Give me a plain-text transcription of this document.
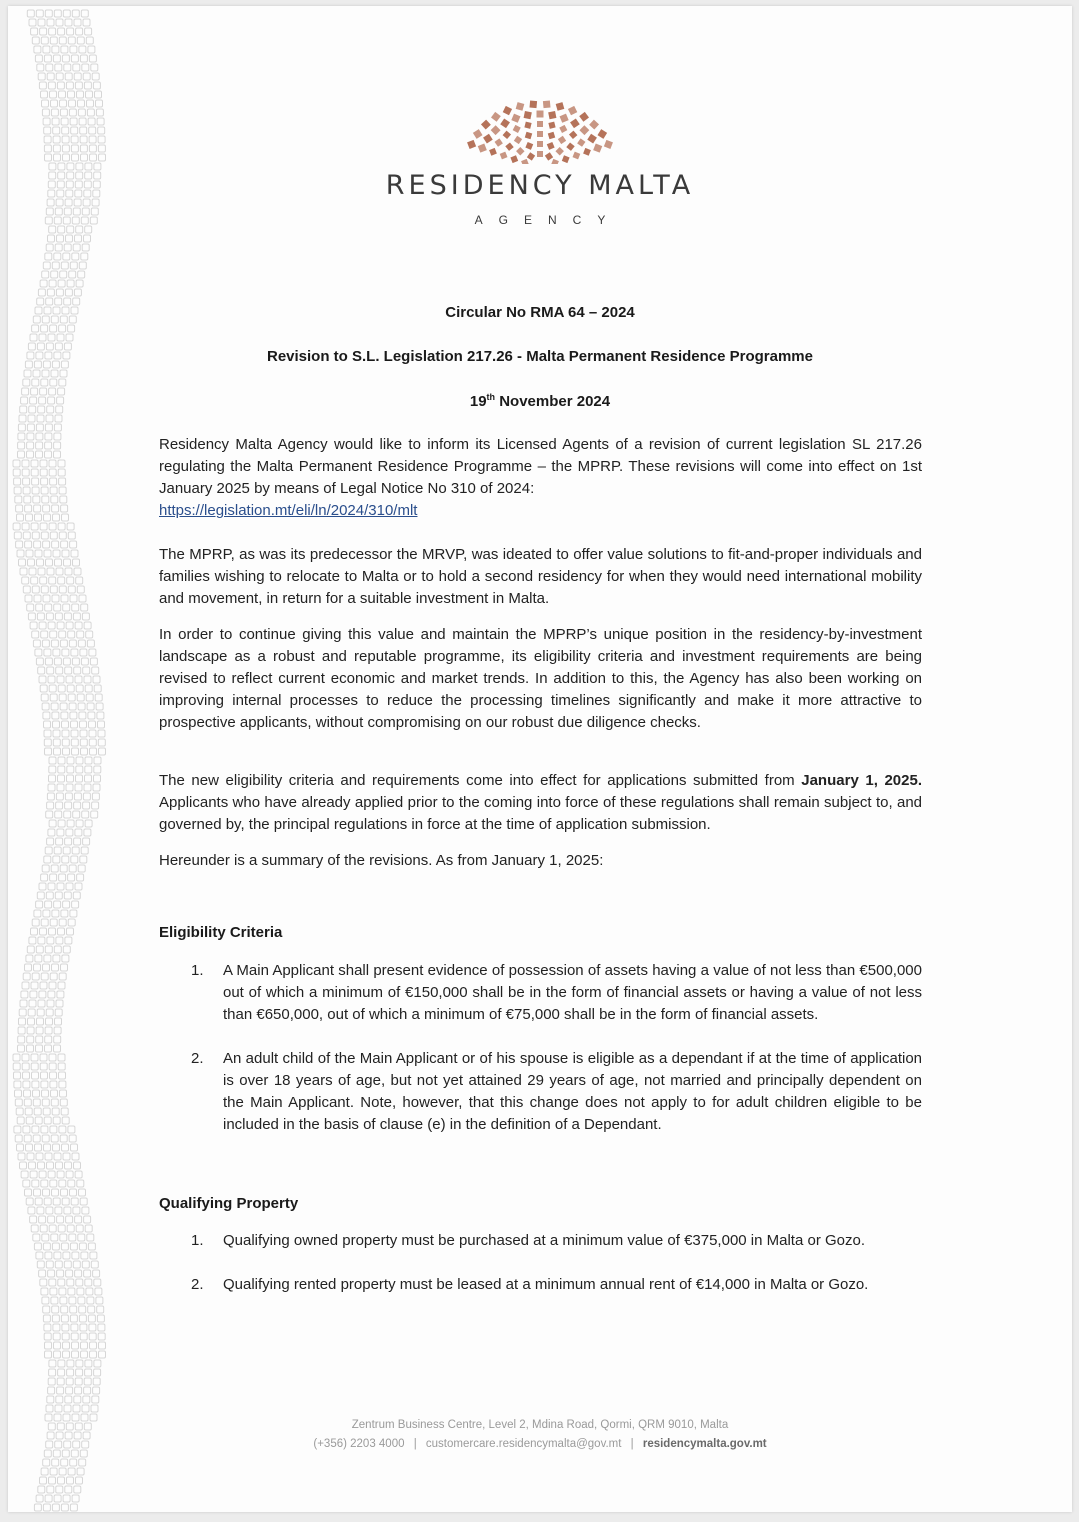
RESIDENCY MALTA
AGENCY
Circular No RMA 64 – 2024
Revision to S.L. Legislation 217.26 - Malta Permanent Residence Programme
19th November 2024

Residency Malta Agency would like to inform its Licensed Agents of a revision of current legislation SL 217.26 regulating the Malta Permanent Residence Programme – the MPRP. These revisions will come into effect on 1st January 2025 by means of Legal Notice No 310 of 2024:

https://legislation.mt/eli/ln/2024/310/mlt

The MPRP, as was its predecessor the MRVP, was ideated to offer value solutions to fit-and-proper individuals and families wishing to relocate to Malta or to hold a second residency for when they would need international mobility and movement, in return for a suitable investment in Malta.

In order to continue giving this value and maintain the MPRP’s unique position in the residency-by-investment landscape as a robust and reputable programme, its eligibility criteria and investment requirements are being revised to reflect current economic and market trends. In addition to this, the Agency has also been working on improving internal processes to reduce the processing timelines significantly and make it more attractive to prospective applicants, without compromising on our robust due diligence checks.

The new eligibility criteria and requirements come into effect for applications submitted from January 1, 2025. Applicants who have already applied prior to the coming into force of these regulations shall remain subject to, and governed by, the principal regulations in force at the time of application submission.

Hereunder is a summary of the revisions. As from January 1, 2025:

Eligibility Criteria
1.	A Main Applicant shall present evidence of possession of assets having a value of not less than €500,000 out of which a minimum of €150,000 shall be in the form of financial assets or having a value of not less than €650,000, out of which a minimum of €75,000 shall be in the form of financial assets.
2.	An adult child of the Main Applicant or of his spouse is eligible as a dependant if at the time of application is over 18 years of age, but not yet attained 29 years of age, not married and principally dependent on the Main Applicant. Note, however, that this change does not apply to for adult children eligible to be included in the basis of clause (e) in the definition of a Dependant.
Qualifying Property
1.	Qualifying owned property must be purchased at a minimum value of €375,000 in Malta or Gozo.
2.	Qualifying rented property must be leased at a minimum annual rent of €14,000 in Malta or Gozo.
Zentrum Business Centre, Level 2, Mdina Road, Qormi, QRM 9010, Malta
(+356) 2203 4000 | customercare.residencymalta@gov.mt | residencymalta.gov.mt
